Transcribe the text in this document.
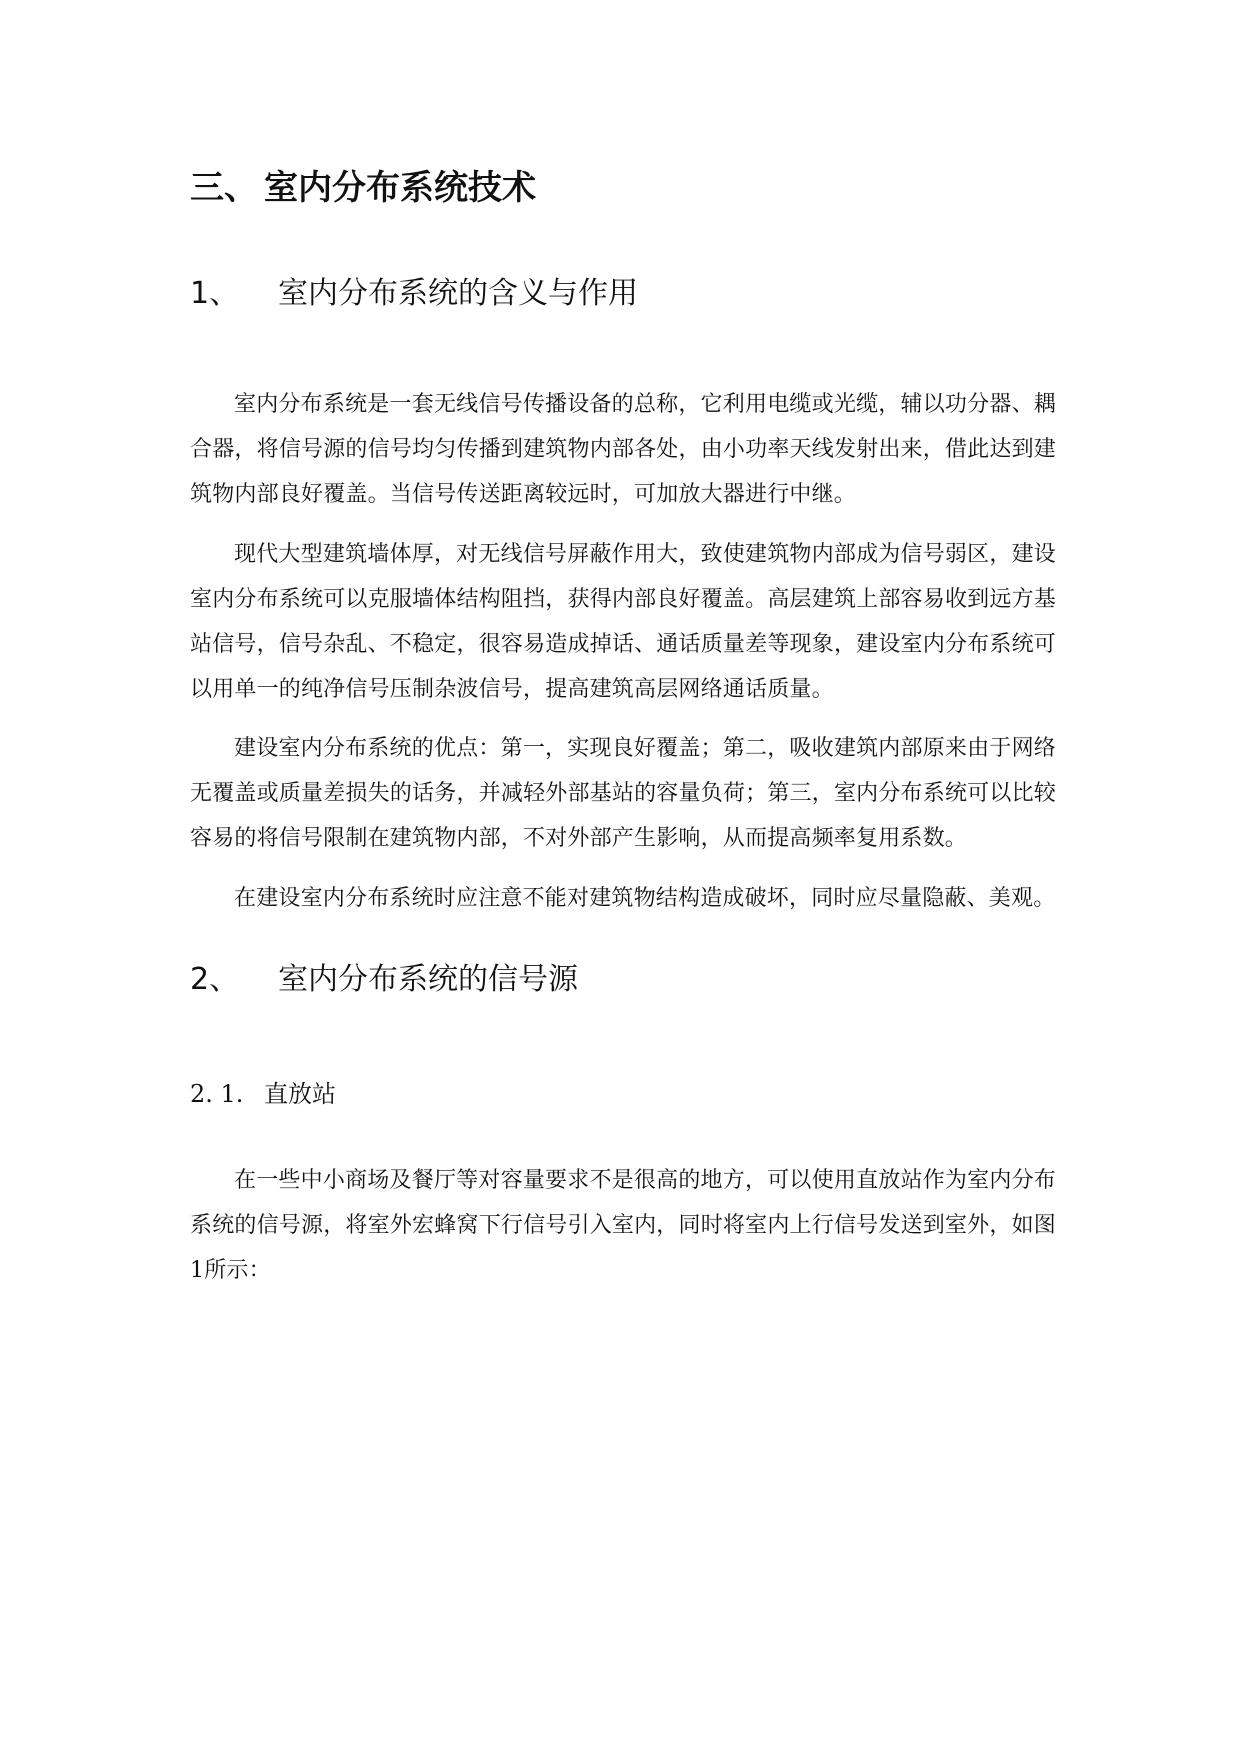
三、 室内分布系统技术
1、 室内分布系统的含义与作用

室内分布系统是一套无线信号传播设备的总称，它利用电缆或光缆，辅以功分器、耦合器，将信号源的信号均匀传播到建筑物内部各处，由小功率天线发射出来，借此达到建筑物内部良好覆盖。当信号传送距离较远时，可加放大器进行中继。

现代大型建筑墙体厚，对无线信号屏蔽作用大，致使建筑物内部成为信号弱区，建设室内分布系统可以克服墙体结构阻挡，获得内部良好覆盖。高层建筑上部容易收到远方基站信号，信号杂乱、不稳定，很容易造成掉话、通话质量差等现象，建设室内分布系统可以用单一的纯净信号压制杂波信号，提高建筑高层网络通话质量。

建设室内分布系统的优点：第一，实现良好覆盖；第二，吸收建筑内部原来由于网络无覆盖或质量差损失的话务，并减轻外部基站的容量负荷；第三，室内分布系统可以比较容易的将信号限制在建筑物内部，不对外部产生影响，从而提高频率复用系数。

在建设室内分布系统时应注意不能对建筑物结构造成破坏，同时应尽量隐蔽、美观。

2、 室内分布系统的信号源
2. 1. 直放站

在一些中小商场及餐厅等对容量要求不是很高的地方，可以使用直放站作为室内分布系统的信号源，将室外宏蜂窝下行信号引入室内，同时将室内上行信号发送到室外，如图1所示：
